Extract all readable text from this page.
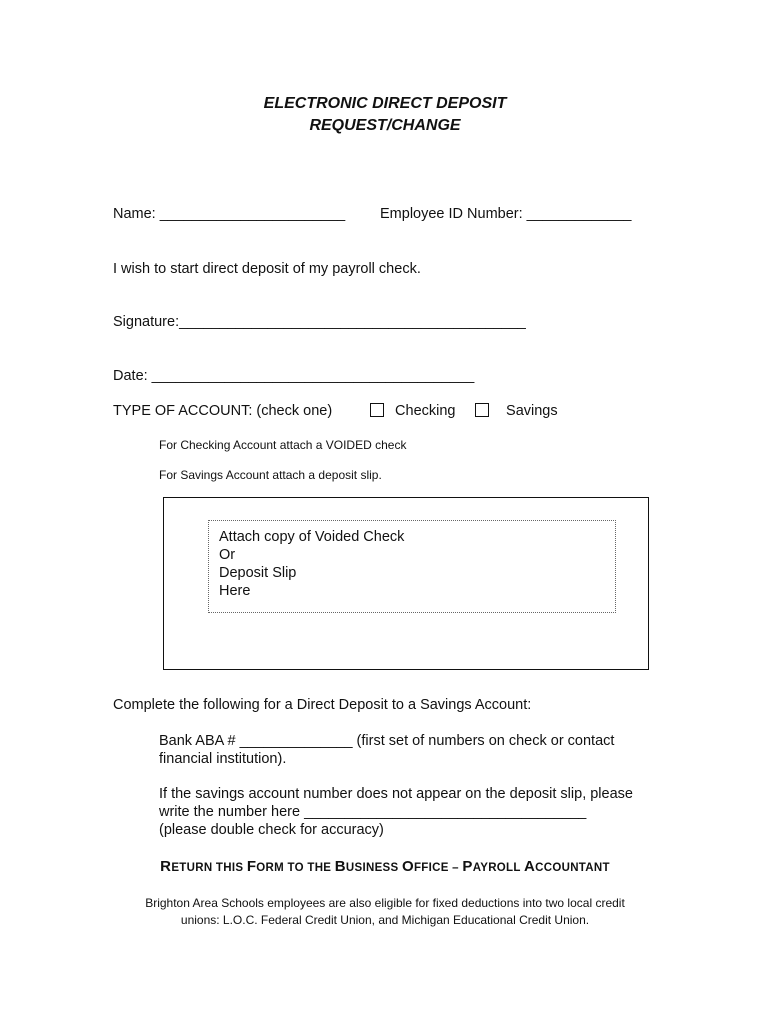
ELECTRONIC DIRECT DEPOSIT
REQUEST/CHANGE
Name: _______________________ Employee ID Number: _____________
I wish to start direct deposit of my payroll check.
Signature:___________________________________________
Date: ________________________________________
TYPE OF ACCOUNT: (check one)	Checking	Savings
For Checking Account attach a VOIDED check
For Savings Account attach a deposit slip.
Attach copy of Voided Check
Or
Deposit Slip
Here
Complete the following for a Direct Deposit to a Savings Account:
Bank ABA # ______________ (first set of numbers on check or contact
financial institution).
If the savings account number does not appear on the deposit slip, please
write the number here ___________________________________
(please double check for accuracy)
RETURN THIS FORM TO THE BUSINESS OFFICE – PAYROLL ACCOUNTANT
Brighton Area Schools employees are also eligible for fixed deductions into two local credit
unions: L.O.C. Federal Credit Union, and Michigan Educational Credit Union.
